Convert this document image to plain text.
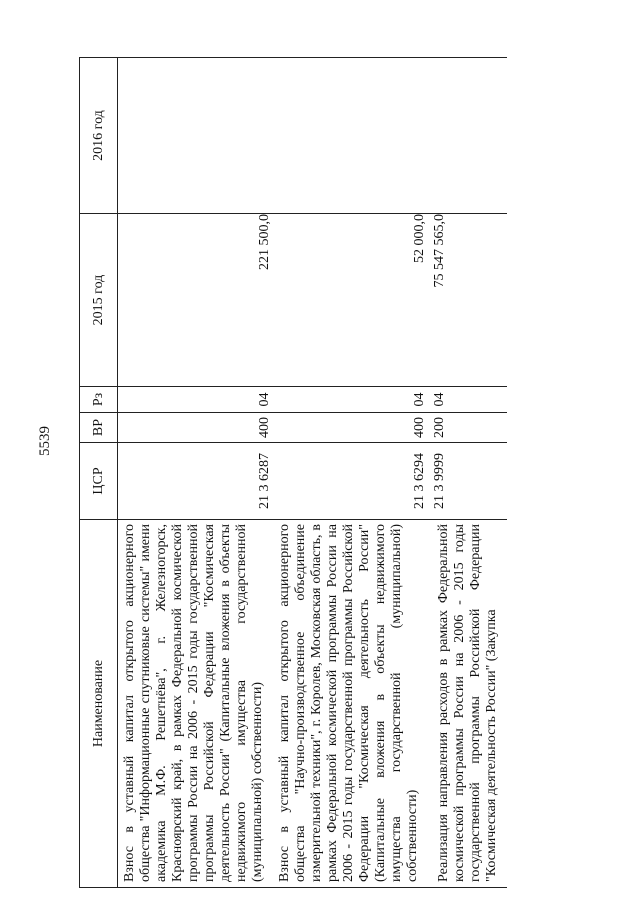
5539
Наименование	ЦСР	ВР	Рз	2015 год	2016 год

Взнос в уставный капитал открытого акционерного общества "Информационные спутниковые системы" имени академика М.Ф. Решетнёва", г. Железногорск, Красноярский край, в рамках Федеральной космической программы России на 2006 - 2015 годы государственной программы Российской Федерации "Космическая деятельность России" (Капитальные вложения в объекты недвижимого имущества государственной (муниципальной) собственности)	21 3 6287	400	04	221 500,0	

Взнос в уставный капитал открытого акционерного общества "Научно-производственное объединение измерительной техники", г. Королев, Московская область, в рамках Федеральной космической программы России на 2006 - 2015 годы государственной программы Российской Федерации "Космическая деятельность России" (Капитальные вложения в объекты недвижимого имущества государственной (муниципальной) собственности)	21 3 6294	400	04	52 000,0	

Реализация направления расходов в рамках Федеральной космической программы России на 2006 - 2015 годы государственной программы Российской Федерации "Космическая деятельность России" (Закупка	21 3 9999	200	04	75 547 565,0	
